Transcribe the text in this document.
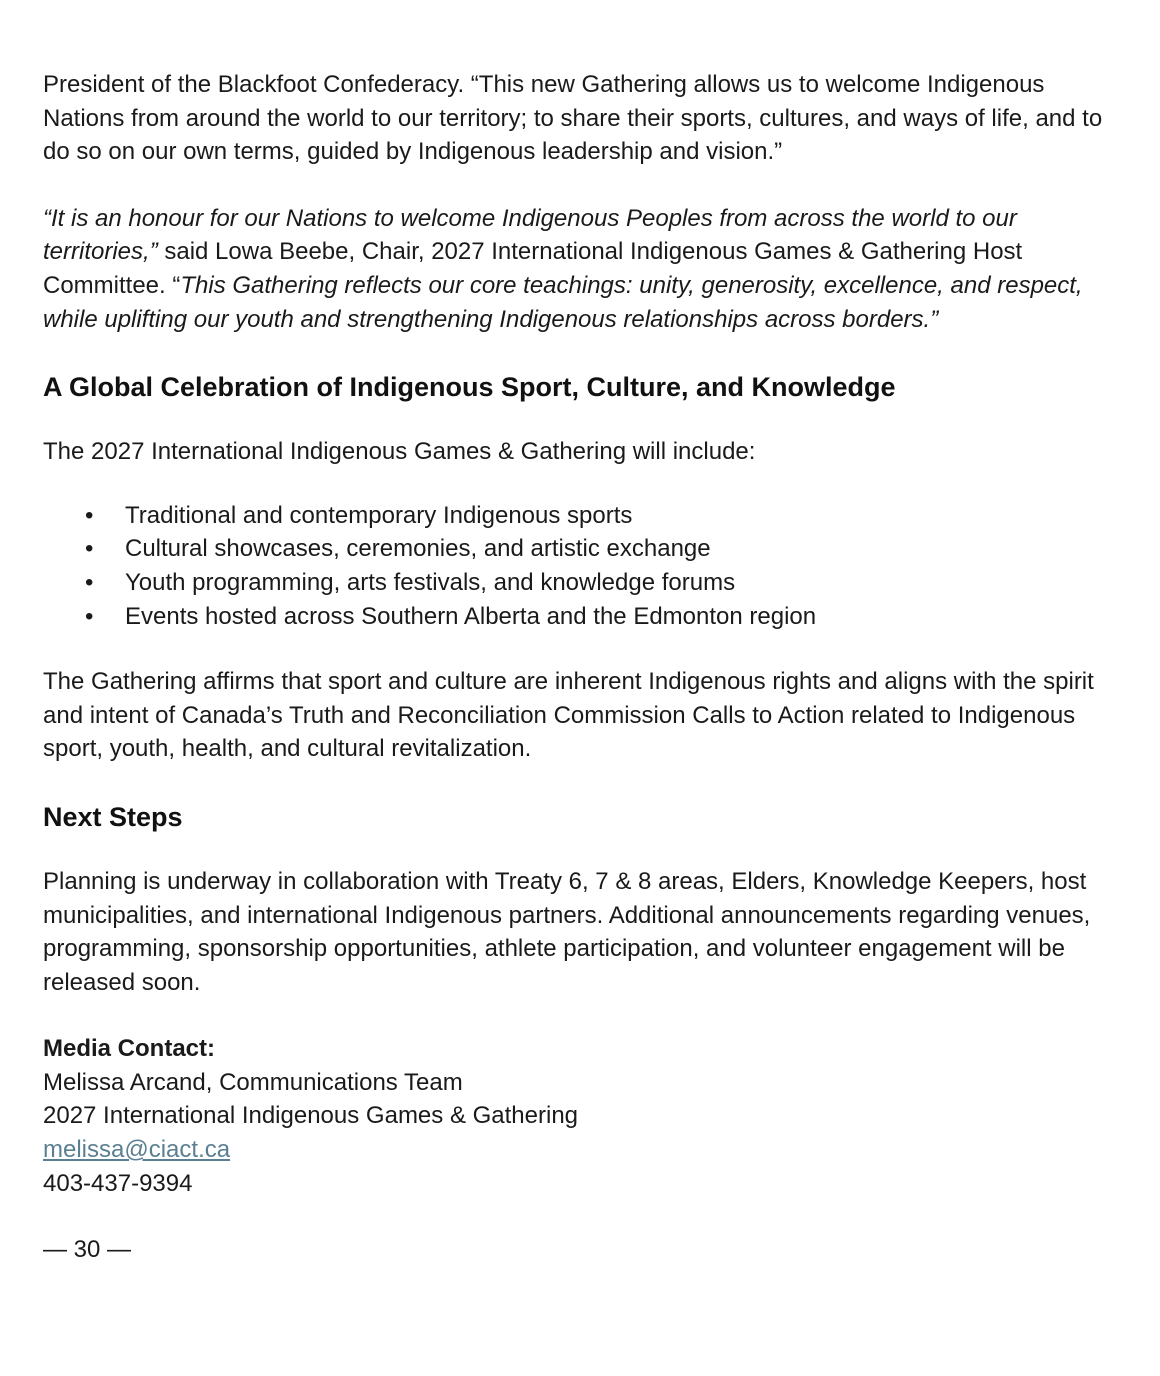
President of the Blackfoot Confederacy. “This new Gathering allows us to welcome Indigenous Nations from around the world to our territory; to share their sports, cultures, and ways of life, and to do so on our own terms, guided by Indigenous leadership and vision.”

“It is an honour for our Nations to welcome Indigenous Peoples from across the world to our territories,” said Lowa Beebe, Chair, 2027 International Indigenous Games & Gathering Host Committee. “This Gathering reflects our core teachings: unity, generosity, excellence, and respect, while uplifting our youth and strengthening Indigenous relationships across borders.”

A Global Celebration of Indigenous Sport, Culture, and Knowledge

The 2027 International Indigenous Games & Gathering will include:

• Traditional and contemporary Indigenous sports
• Cultural showcases, ceremonies, and artistic exchange
• Youth programming, arts festivals, and knowledge forums
• Events hosted across Southern Alberta and the Edmonton region

The Gathering affirms that sport and culture are inherent Indigenous rights and aligns with the spirit and intent of Canada’s Truth and Reconciliation Commission Calls to Action related to Indigenous sport, youth, health, and cultural revitalization.

Next Steps

Planning is underway in collaboration with Treaty 6, 7 & 8 areas, Elders, Knowledge Keepers, host municipalities, and international Indigenous partners. Additional announcements regarding venues, programming, sponsorship opportunities, athlete participation, and volunteer engagement will be released soon.

Media Contact:
Melissa Arcand, Communications Team
2027 International Indigenous Games & Gathering
melissa@ciact.ca
403-437-9394

— 30 —
